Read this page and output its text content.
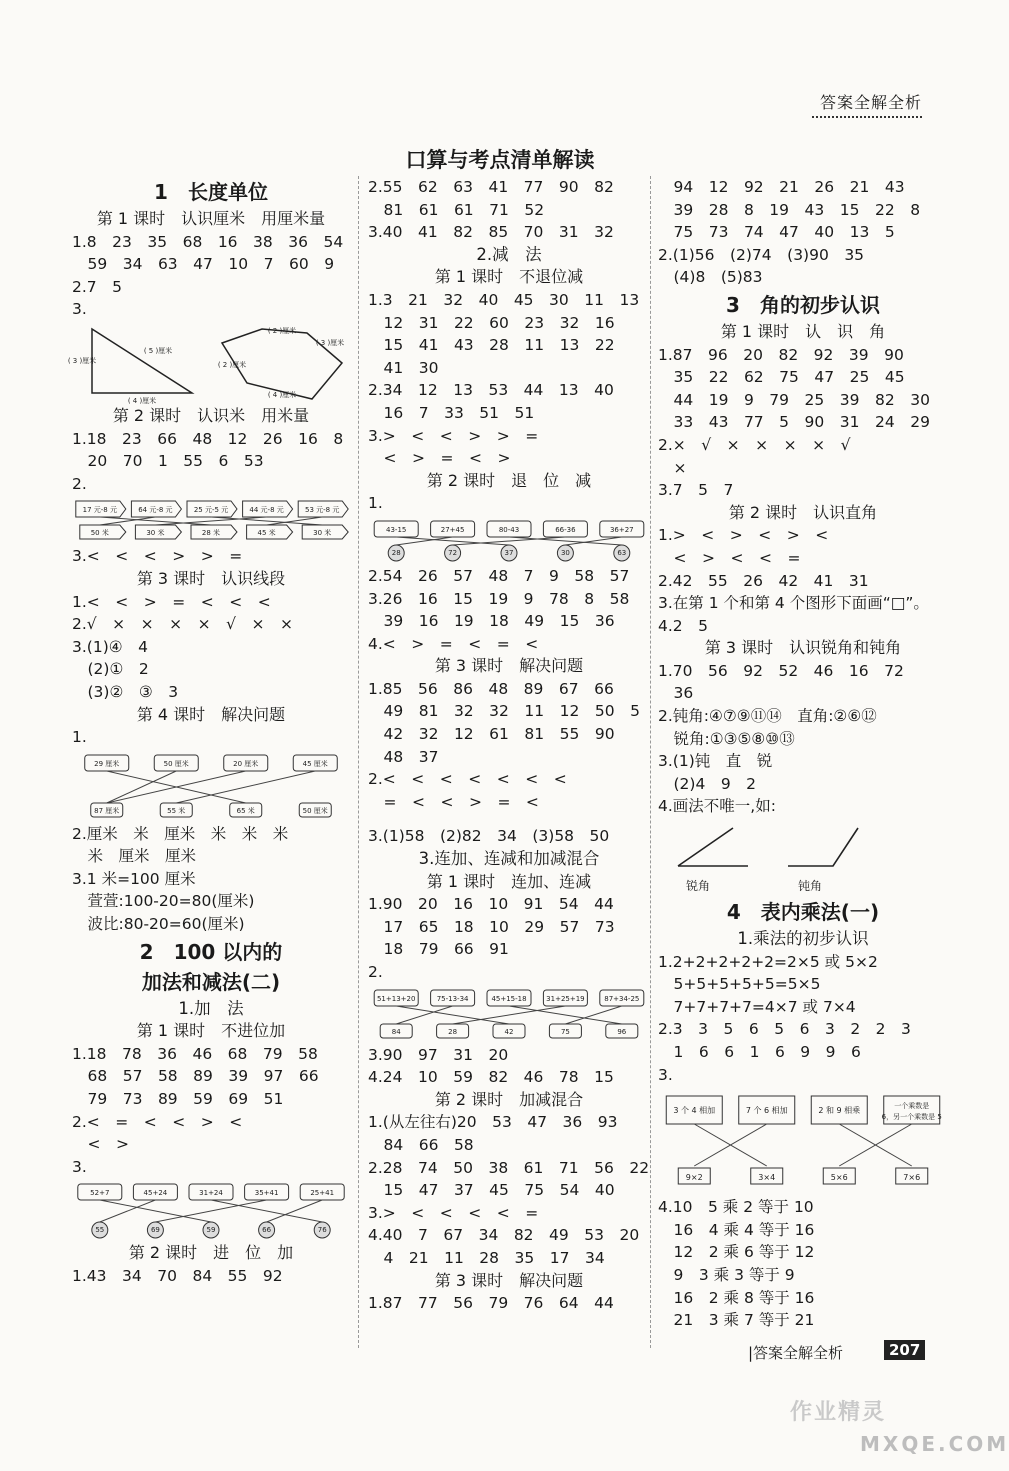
答案全解全析
口算与考点清单解读
1　长度单位
第 1 课时　认识厘米　用厘米量
1.8　23　35　68　16　38　36　54
　59　34　63　47　10　7　60　9
2.7　5
3.
( 5 )厘米
( 3 )厘米
( 4 )厘米
( 2 )厘米
( 3 )厘米
( 2 )厘米
( 4 )厘米
第 2 课时　认识米　用米量
1.18　23　66　48　12　26　16　8
　20　70　1　55　6　53
2.
17 元-8 元	64 元-8 元	25 元-5 元	44 元-8 元	53 元-8 元
50 米	30 米	28 米	45 米	30 米
3.<　<　<　>　>　=
第 3 课时　认识线段
1.<　<　>　=　<　<　<
2.√　×　×　×　×　√　×　×
3.(1)④　4
　(2)①　2
　(3)②　③　3
第 4 课时　解决问题
1.
29 厘米	50 厘米	20 厘米	45 厘米
87 厘米	55 米	65 米	50 厘米
2.厘米　米　厘米　米　米　米
　米　厘米　厘米
3.1 米=100 厘米
　萱萱:100-20=80(厘米)
　波比:80-20=60(厘米)
2　100 以内的
加法和减法(二)
1.加　法
第 1 课时　不进位加
1.18　78　36　46　68　79　58
　68　57　58　89　39　97　66
　79　73　89　59　69　51
2.<　=　<　<　>　<
　<　>
3.
52+7	45+24	31+24	35+41	25+41
55	69	59	66	76
第 2 课时　进　位　加
1.43　34　70　84　55　92
2.55　62　63　41　77　90　82
　81　61　61　71　52
3.40　41　82　85　70　31　32
2.减　法
第 1 课时　不退位减
1.3　21　32　40　45　30　11　13
　12　31　22　60　23　32　16
　15　41　43　28　11　13　22
　41　30
2.34　12　13　53　44　13　40
　16　7　33　51　51
3.>　<　<　>　>　=
　<　>　=　<　>
第 2 课时　退　位　减
1.
43-15	27+45	80-43	66-36	36+27
28	72	37	30	63
2.54　26　57　48　7　9　58　57
3.26　16　15　19　9　78　8　58
　39　16　19　18　49　15　36
4.<　>　=　<　=　<
第 3 课时　解决问题
1.85　56　86　48　89　67　66
　49　81　32　32　11　12　50　5
　42　32　12　61　81　55　90
　48　37
2.<　<　<　<　<　<　<
　=　<　<　>　=　<
3.(1)58　(2)82　34　(3)58　50
3.连加、连减和加减混合
第 1 课时　连加、连减
1.90　20　16　10　91　54　44
　17　65　18　10　29　57　73
　18　79　66　91
2.
51+13+20	75-13-34	45+15-18	31+25+19	87+34-25
84	28	42	75	96
3.90　97　31　20
4.24　10　59　82　46　78　15
第 2 课时　加减混合
1.(从左往右)20　53　47　36　93
　84　66　58
2.28　74　50　38　61　71　56　22
　15　47　37　45　75　54　40
3.>　<　<　<　<　=
4.40　7　67　34　82　49　53　20
　4　21　11　28　35　17　34
第 3 课时　解决问题
1.87　77　56　79　76　64　44
　94　12　92　21　26　21　43
　39　28　8　19　43　15　22　8
　75　73　74　47　40　13　5
2.(1)56　(2)74　(3)90　35
　(4)8　(5)83
3　角的初步认识
第 1 课时　认　识　角
1.87　96　20　82　92　39　90
　35　22　62　75　47　25　45
　44　19　9　79　25　39　82　30
　33　43　77　5　90　31　24　29
2.×　√　×　×　×　×　√
　×
3.7　5　7
第 2 课时　认识直角
1.>　<　>　<　>　<
　<　>　<　<　=
2.42　55　26　42　41　31
3.在第 1 个和第 4 个图形下面画“□”。
4.2　5
第 3 课时　认识锐角和钝角
1.70　56　92　52　46　16　72
　36
2.钝角:④⑦⑨⑪⑭　直角:②⑥⑫
　锐角:①③⑤⑧⑩⑬
3.(1)钝　直　锐
　(2)4　9　2
4.画法不唯一,如:
锐角	钝角
4　表内乘法(一)
1.乘法的初步认识
1.2+2+2+2+2=2×5 或 5×2
　5+5+5+5+5=5×5
　7+7+7+7=4×7 或 7×4
2.3　3　5　6　5　6　3　2　2　3
　1　6　6　1　6　9　9　6
3.
3 个 4 相加	7 个 6 相加	2 和 9 相乘	一个乘数是
6，另一个乘数是 5
9×2	3×4	5×6	7×6
4.10　5 乘 2 等于 10
　16　4 乘 4 等于 16
　12　2 乘 6 等于 12
　9　3 乘 3 等于 9
　16　2 乘 8 等于 16
　21　3 乘 7 等于 21
|答案全解全析	207
作业精灵
MXQE.COM
